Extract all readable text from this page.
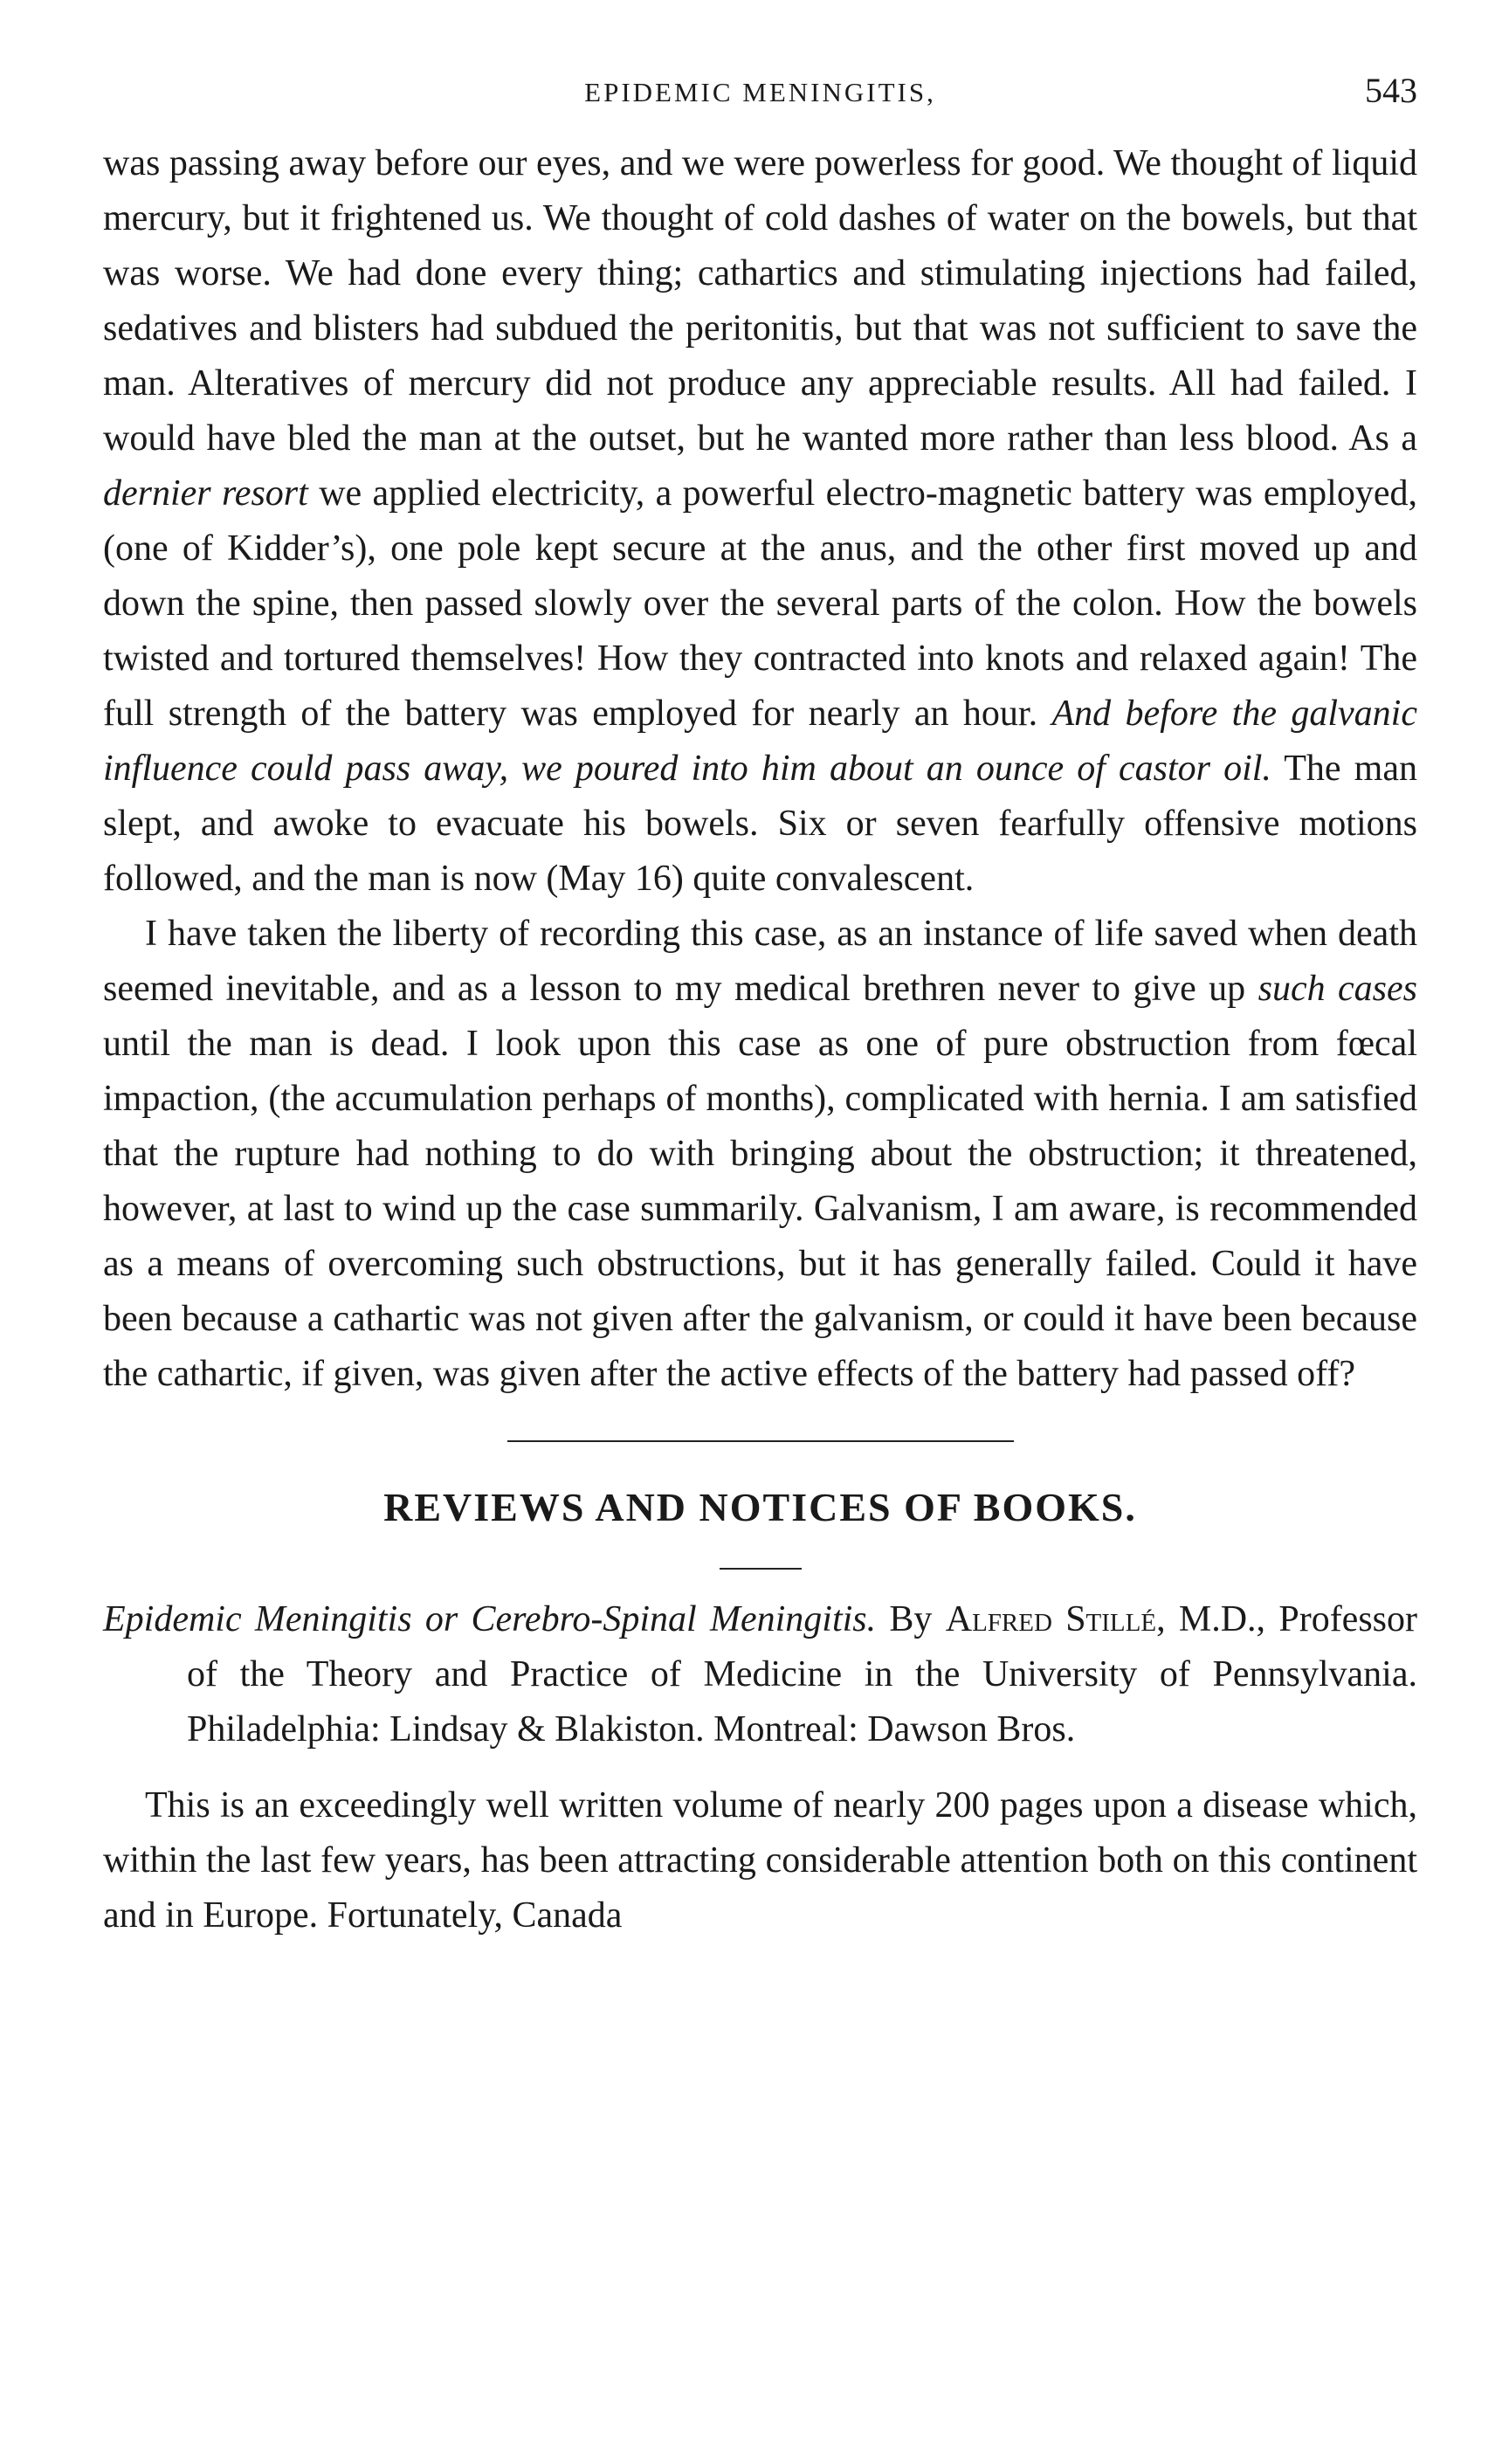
EPIDEMIC MENINGITIS,	543

was passing away before our eyes, and we were powerless for good. We thought of liquid mercury, but it frightened us. We thought of cold dashes of water on the bowels, but that was worse. We had done every thing; cathartics and stimulating injections had failed, sedatives and blisters had subdued the peritonitis, but that was not sufficient to save the man. Alteratives of mercury did not produce any appreciable results. All had failed. I would have bled the man at the outset, but he wanted more rather than less blood. As a dernier resort we applied electricity, a powerful electro-magnetic battery was employed, (one of Kidder’s), one pole kept secure at the anus, and the other first moved up and down the spine, then passed slowly over the several parts of the colon. How the bowels twisted and tortured themselves! How they contracted into knots and relaxed again! The full strength of the battery was employed for nearly an hour. And before the galvanic influence could pass away, we poured into him about an ounce of castor oil. The man slept, and awoke to evacuate his bowels. Six or seven fearfully offensive motions followed, and the man is now (May 16) quite convalescent.

I have taken the liberty of recording this case, as an instance of life saved when death seemed inevitable, and as a lesson to my medical brethren never to give up such cases until the man is dead. I look upon this case as one of pure obstruction from fœcal impaction, (the accumulation perhaps of months), complicated with hernia. I am satisfied that the rupture had nothing to do with bringing about the obstruction; it threatened, however, at last to wind up the case summarily. Galvanism, I am aware, is recommended as a means of overcoming such obstructions, but it has generally failed. Could it have been because a cathartic was not given after the galvanism, or could it have been because the cathartic, if given, was given after the active effects of the battery had passed off?

REVIEWS AND NOTICES OF BOOKS.

Epidemic Meningitis or Cerebro-Spinal Meningitis. By Alfred Stillé, M.D., Professor of the Theory and Practice of Medicine in the University of Pennsylvania. Philadelphia: Lindsay & Blakiston. Montreal: Dawson Bros.

This is an exceedingly well written volume of nearly 200 pages upon a disease which, within the last few years, has been attracting considerable attention both on this continent and in Europe. Fortunately, Canada
